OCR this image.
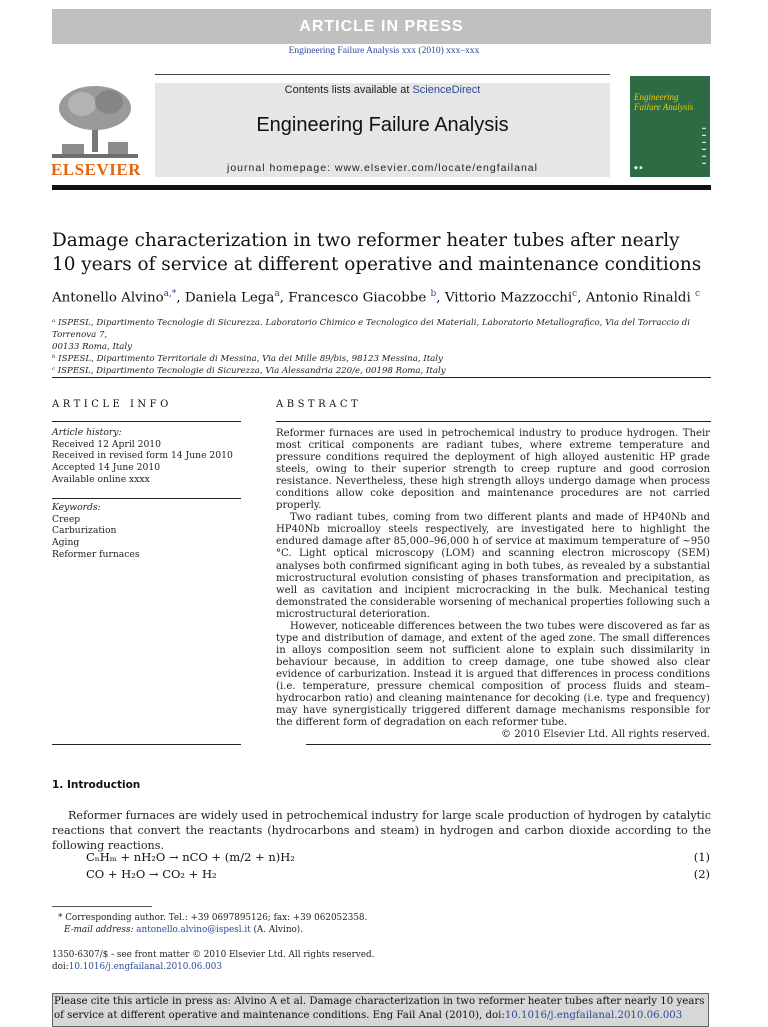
ARTICLE IN PRESS
Engineering Failure Analysis xxx (2010) xxx–xxx
Contents lists available at ScienceDirect
Engineering Failure Analysis
journal homepage: www.elsevier.com/locate/engfailanal
ELSEVIER
Engineering Failure Analysis
▬
▬
▬
▬
▬
▬
◆ ■
Damage characterization in two reformer heater tubes after nearly
10 years of service at different operative and maintenance conditions
Antonello Alvino$^{a,*}$, Daniela Lega$^a$, Francesco Giacobbe $^b$, Vittorio Mazzocchi$^c$, Antonio Rinaldi $^c$
ᵃ ISPESL, Dipartimento Tecnologie di Sicurezza. Laboratorio Chimico e Tecnologico dei Materiali, Laboratorio Metallografico, Via del Torraccio di Torrenova 7,
00133 Roma, Italy
ᵇ ISPESL, Dipartimento Territoriale di Messina, Via dei Mille 89/bis, 98123 Messina, Italy
ᶜ ISPESL, Dipartimento Tecnologie di Sicurezza, Via Alessandria 220/e, 00198 Roma, Italy
ARTICLE INFO
Article history:
Received 12 April 2010
Received in revised form 14 June 2010
Accepted 14 June 2010
Available online xxxx
Keywords:
Creep
Carburization
Aging
Reformer furnaces
ABSTRACT
Reformer furnaces are used in petrochemical industry to produce hydrogen. Their most critical components are radiant tubes, where extreme temperature and pressure conditions required the deployment of high alloyed austenitic HP grade steels, owing to their superior strength to creep rupture and good corrosion resistance. Nevertheless, these high strength alloys undergo damage when process conditions allow coke deposition and maintenance procedures are not carried properly.
Two radiant tubes, coming from two different plants and made of HP40Nb and HP40Nb microalloy steels respectively, are investigated here to highlight the endured damage after 85,000–96,000 h of service at maximum temperature of ~950 °C. Light optical microscopy (LOM) and scanning electron microscopy (SEM) analyses both confirmed significant aging in both tubes, as revealed by a substantial microstructural evolution consisting of phases transformation and precipitation, as well as cavitation and incipient microcracking in the bulk. Mechanical testing demonstrated the considerable worsening of mechanical properties following such a microstructural deterioration.
However, noticeable differences between the two tubes were discovered as far as type and distribution of damage, and extent of the aged zone. The small differences in alloys composition seem not sufficient alone to explain such dissimilarity in behaviour because, in addition to creep damage, one tube showed also clear evidence of carburization. Instead it is argued that differences in process conditions (i.e. temperature, pressure chemical composition of process fluids and steam–hydrocarbon ratio) and cleaning maintenance for decoking (i.e. type and frequency) may have synergistically triggered different damage mechanisms responsible for the different form of degradation on each reformer tube.
© 2010 Elsevier Ltd. All rights reserved.
1. Introduction
Reformer furnaces are widely used in petrochemical industry for large scale production of hydrogen by catalytic reactions that convert the reactants (hydrocarbons and steam) in hydrogen and carbon dioxide according to the following reactions.
CₙHₘ + nH₂O → nCO + (m/2 + n)H₂	(1)
CO + H₂O → CO₂ + H₂	(2)
* Corresponding author. Tel.: +39 0697895126; fax: +39 062052358.
E-mail address: antonello.alvino@ispesl.it (A. Alvino).
1350-6307/$ - see front matter © 2010 Elsevier Ltd. All rights reserved.
doi:10.1016/j.engfailanal.2010.06.003
Please cite this article in press as: Alvino A et al. Damage characterization in two reformer heater tubes after nearly 10 years of service at different operative and maintenance conditions. Eng Fail Anal (2010), doi:10.1016/j.engfailanal.2010.06.003
